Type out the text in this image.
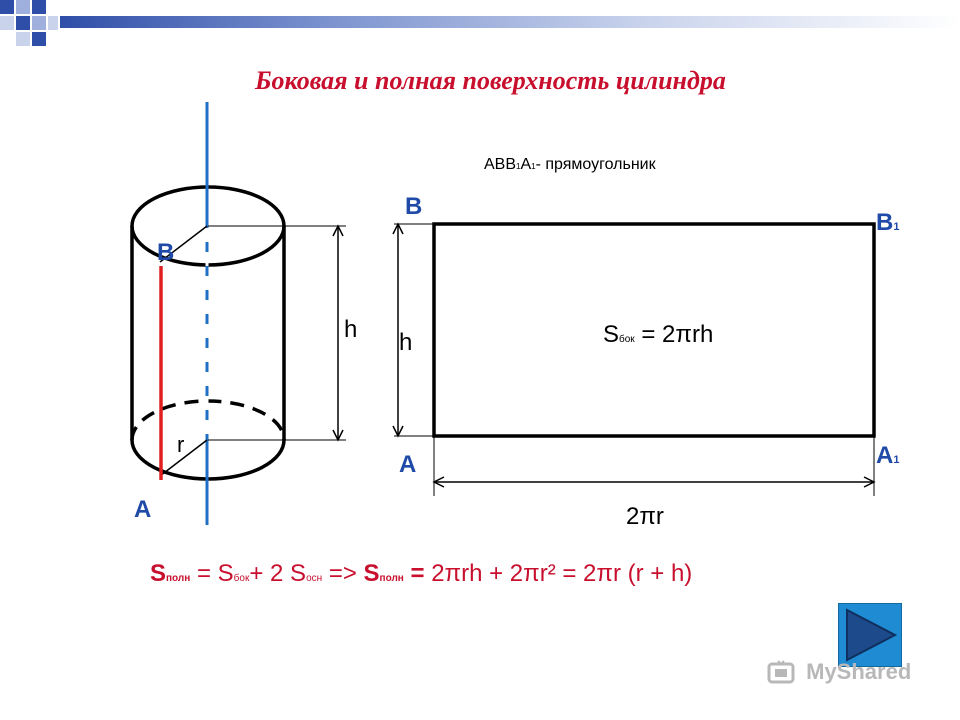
Боковая и полная поверхность цилиндра
ABB1A1- прямоугольник
B
A
r
h
B
B1
A	A1
h
2πr
Sбок = 2πrh
Sполн = Sбок+ 2 Sосн => Sполн = 2πrh + 2πr² = 2πr (r + h)
MyShared
